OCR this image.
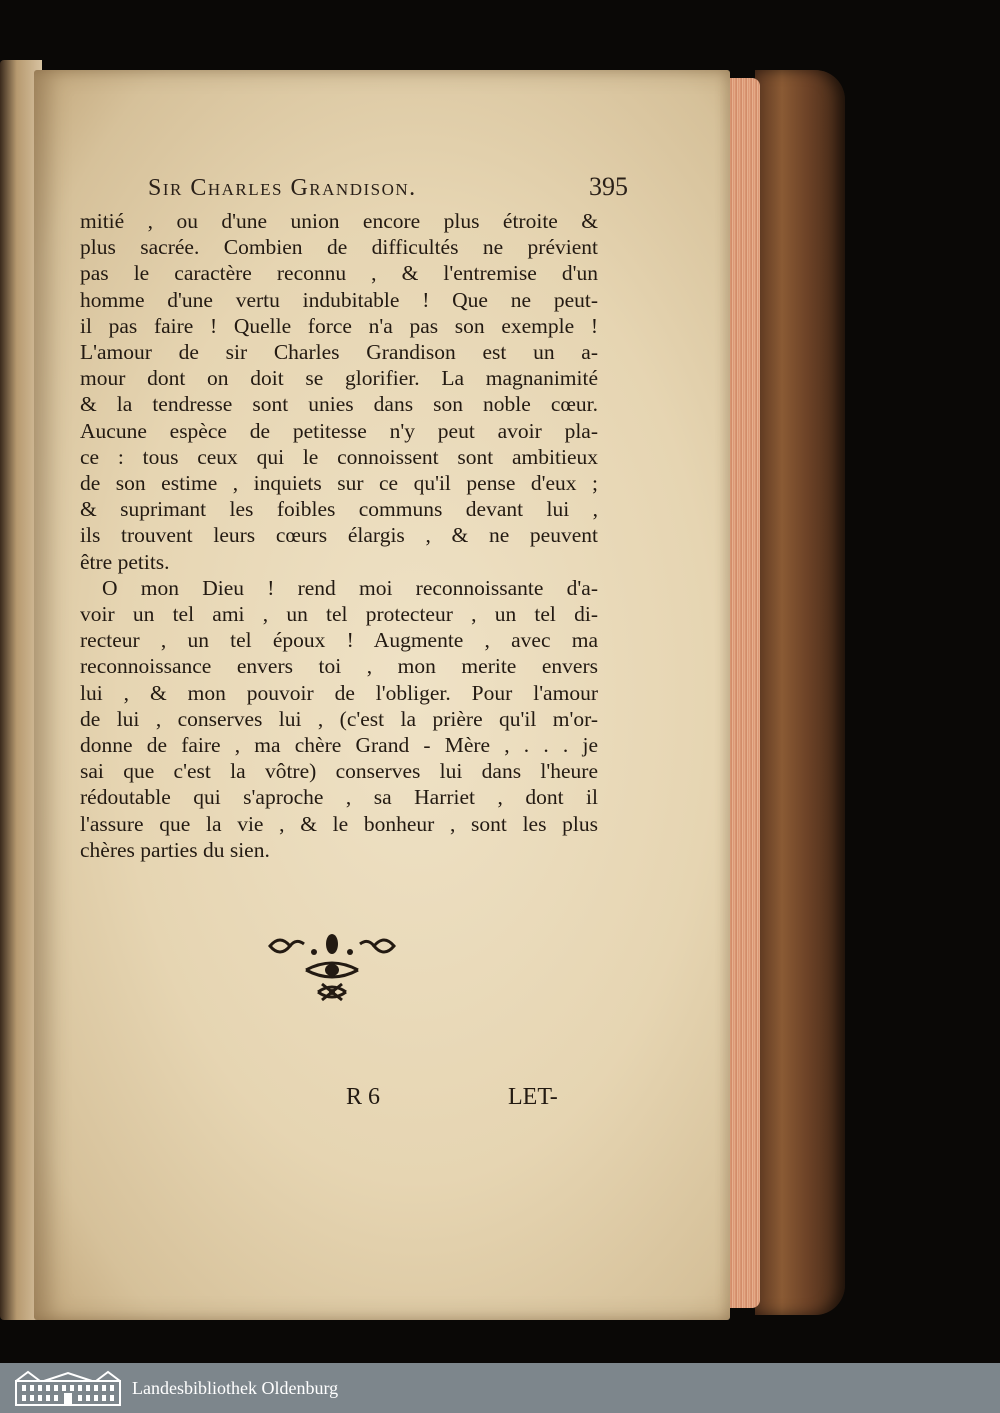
Sir Charles Grandison.	395
mitié , ou d'une union encore plus étroite &
plus sacrée. Combien de difficultés ne prévient
pas le caractère reconnu , & l'entremise d'un
homme d'une vertu indubitable ! Que ne peut-
il pas faire ! Quelle force n'a pas son exemple !
L'amour de sir Charles Grandison est un a-
mour dont on doit se glorifier. La magnanimité
& la tendresse sont unies dans son noble cœur.
Aucune espèce de petitesse n'y peut avoir pla-
ce : tous ceux qui le connoissent sont ambitieux
de son estime , inquiets sur ce qu'il pense d'eux ;
& suprimant les foibles communs devant lui ,
ils trouvent leurs cœurs élargis , & ne peuvent
être petits.
O mon Dieu ! rend moi reconnoissante d'a-
voir un tel ami , un tel protecteur , un tel di-
recteur , un tel époux ! Augmente , avec ma
reconnoissance envers toi , mon merite envers
lui , & mon pouvoir de l'obliger. Pour l'amour
de lui , conserves lui , (c'est la prière qu'il m'or-
donne de faire , ma chère Grand - Mère , . . . je
sai que c'est la vôtre) conserves lui dans l'heure
rédoutable qui s'aproche , sa Harriet , dont il
l'assure que la vie , & le bonheur , sont les plus
chères parties du sien.
R 6	LET-
Landesbibliothek Oldenburg
